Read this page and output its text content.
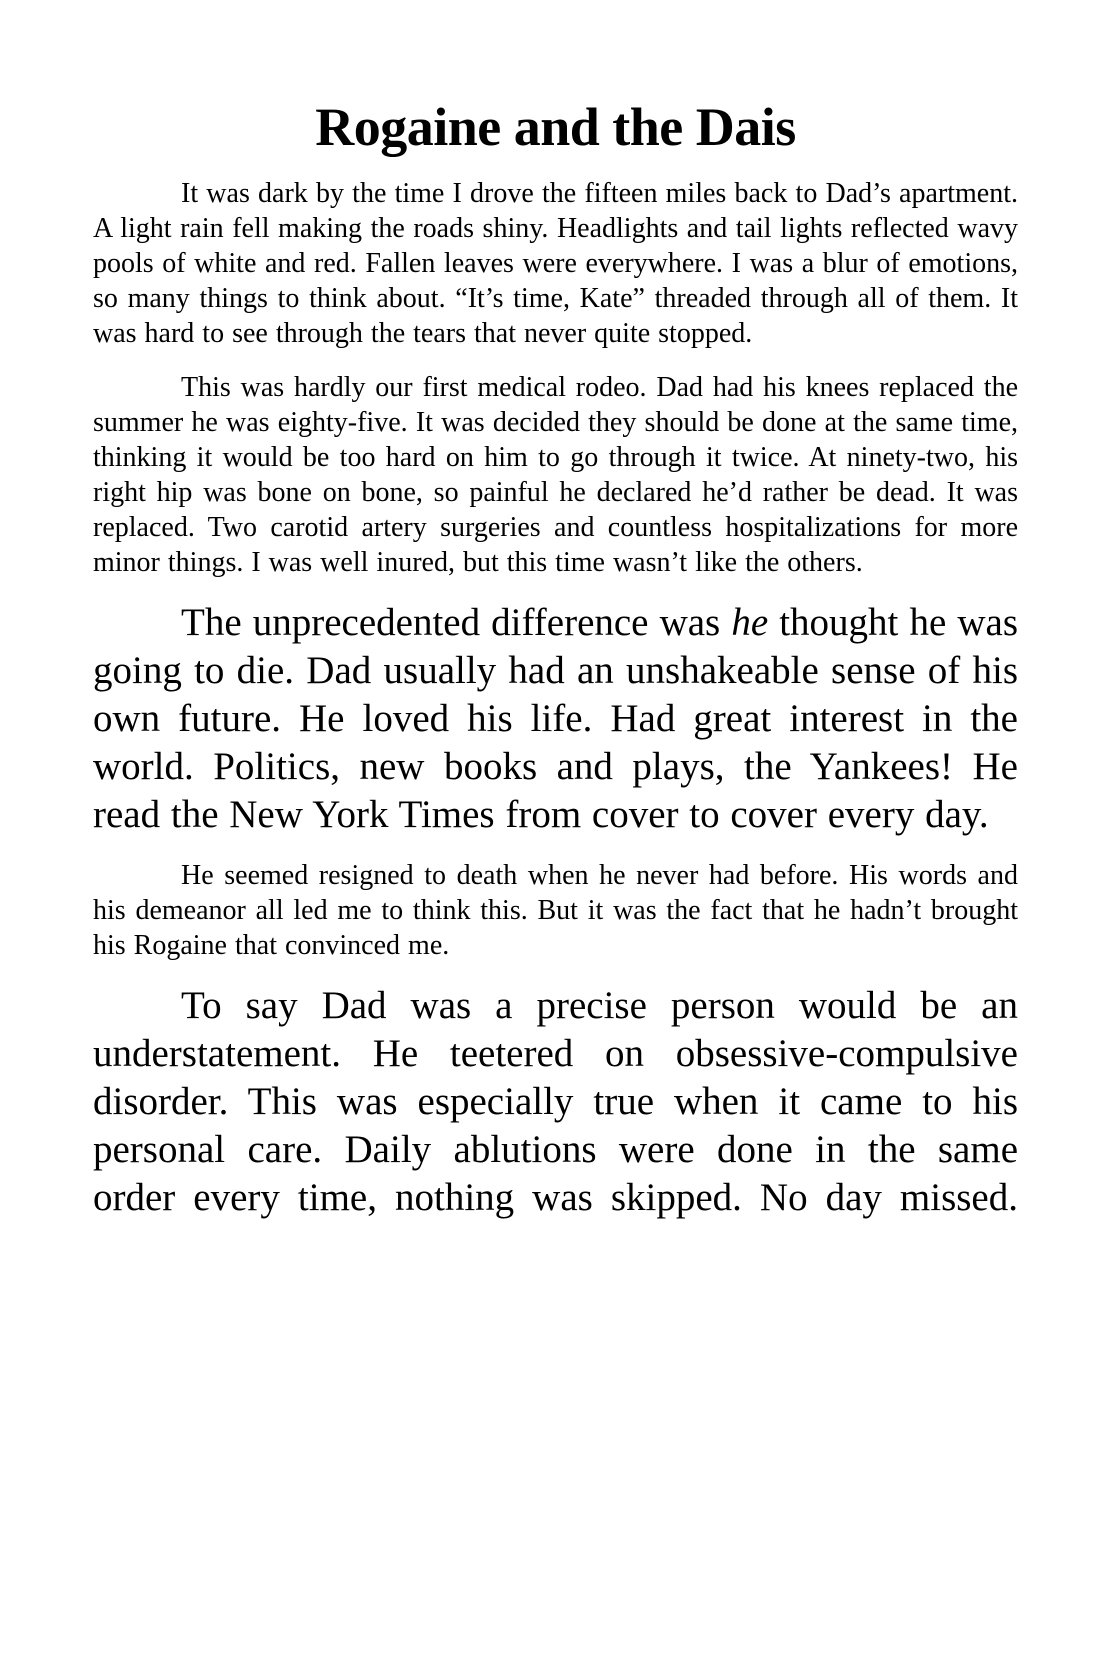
Rogaine and the Dais

It was dark by the time I drove the fifteen miles back to Dad’s apartment. A light rain fell making the roads shiny. Headlights and tail lights reflected wavy pools of white and red. Fallen leaves were everywhere. I was a blur of emotions, so many things to think about. “It’s time, Kate” threaded through all of them. It was hard to see through the tears that never quite stopped.

This was hardly our first medical rodeo. Dad had his knees replaced the summer he was eighty-five. It was decided they should be done at the same time, thinking it would be too hard on him to go through it twice. At ninety-two, his right hip was bone on bone, so painful he declared he’d rather be dead. It was replaced. Two carotid artery surgeries and countless hospitalizations for more minor things. I was well inured, but this time wasn’t like the others.

The unprecedented difference was he thought he was going to die. Dad usually had an unshakeable sense of his own future. He loved his life. Had great interest in the world. Politics, new books and plays, the Yankees! He read the New York Times from cover to cover every day.

He seemed resigned to death when he never had before. His words and his demeanor all led me to think this. But it was the fact that he hadn’t brought his Rogaine that convinced me.

To say Dad was a precise person would be an understatement. He teetered on obsessive-compulsive disorder. This was especially true when it came to his personal care. Daily ablutions were done in the same order every time, nothing was skipped. No day missed.
